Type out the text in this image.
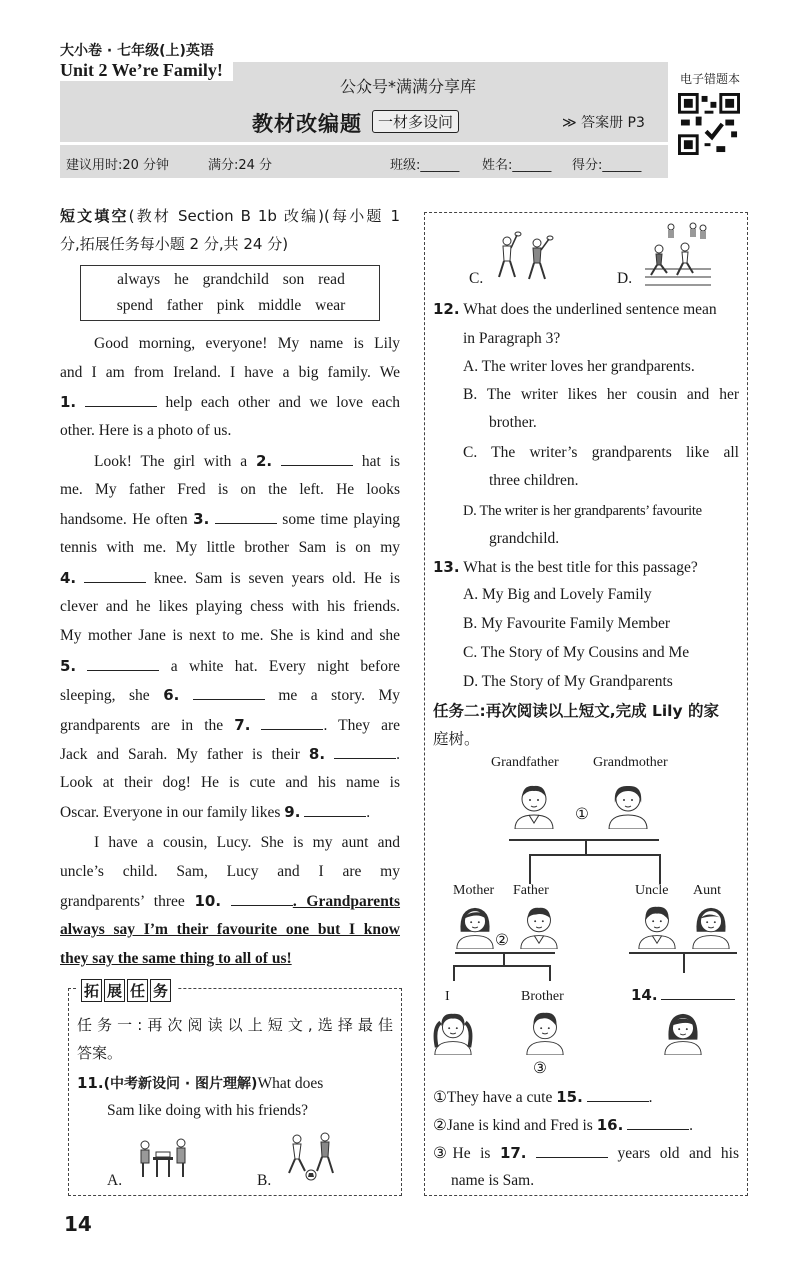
大小卷 · 七年级(上)英语
Unit 2 We’re Family!
公众号*满满分享库
教材改编题	一材多设问	≫ 答案册 P3
建议用时:20 分钟	满分:24 分	班级:______ 姓名:______ 得分:______
电子错题本
短文填空(教材 Section B 1b 改编)(每小题 1
分,拓展任务每小题 2 分,共 24 分)
always he grandchild son read
spend father pink middle wear
Good morning, everyone! My name is Lily
and I am from Ireland. I have a big family. We
1.	help each other and we love each
other. Here is a photo of us.
Look! The girl with a 2.	hat is
me. My father Fred is on the left. He looks
handsome. He often 3.	some time playing
tennis with me. My little brother Sam is on my
4.	knee. Sam is seven years old. He is
clever and he likes playing chess with his friends.
My mother Jane is next to me. She is kind and she
5.	a white hat. Every night before
sleeping, she 6.	me a story. My
grandparents are in the 7.	. They are
Jack and Sarah. My father is their 8.	.
Look at their dog! He is cute and his name is
Oscar. Everyone in our family likes 9.	.
I have a cousin, Lucy. She is my aunt and
uncle’s child. Sam, Lucy and I are my
grandparents’ three 10.	. Grandparents
always say I’m their favourite one but I know
they say the same thing to all of us!
拓 展 任 务
任务一:再次阅读以上短文,选择最佳
答案。
11.(中考新设问 · 图片理解)What does
Sam like doing with his friends?
A.	B.
C.	D.
12. What does the underlined sentence mean
in Paragraph 3?
A. The writer loves her grandparents.
B. The writer likes her cousin and her
brother.
C. The writer’s grandparents like all
three children.
D. The writer is her grandparents’ favourite
grandchild.
13. What is the best title for this passage?
A. My Big and Lovely Family
B. My Favourite Family Member
C. The Story of My Cousins and Me
D. The Story of My Grandparents
任务二:再次阅读以上短文,完成 Lily 的家
庭树。
Grandfather Grandmother
①
Mother Father	Uncle Aunt
②
I	Brother	14.
③
①They have a cute 15.	.
②Jane is kind and Fred is 16.	.
③He is 17.	years old and his
name is Sam.
14
